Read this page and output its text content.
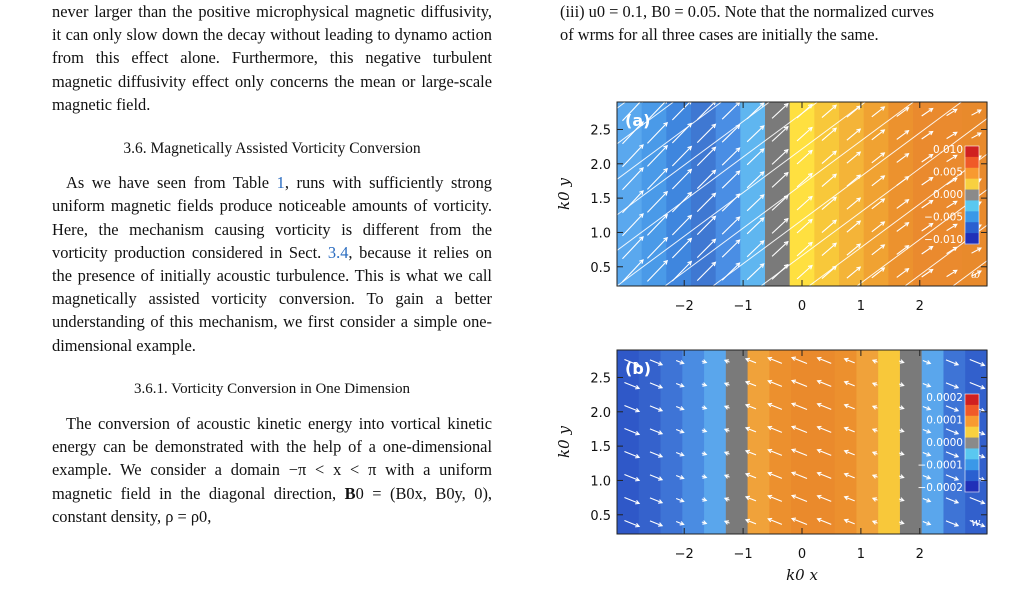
never larger than the positive microphysical magnetic diffusivity, it can only slow down the decay without leading to dynamo action from this effect alone. Furthermore, this negative turbulent magnetic diffusivity effect only concerns the mean or large-scale magnetic field.

3.6. Magnetically Assisted Vorticity Conversion

As we have seen from Table 1, runs with sufficiently strong uniform magnetic fields produce noticeable amounts of vorticity. Here, the mechanism causing vorticity is different from the vorticity production considered in Sect. 3.4, because it relies on the presence of initially acoustic turbulence. This is what we call magnetically assisted vorticity conversion. To gain a better understanding of this mechanism, we first consider a simple one-dimensional example.

3.6.1. Vorticity Conversion in One Dimension

The conversion of acoustic kinetic energy into vortical kinetic energy can be demonstrated with the help of a one-dimensional example. We consider a domain −π < x < π with a uniform magnetic field in the diagonal direction, B0 = (B0x, B0y, 0), constant density, ρ = ρ0,

(iii) u0 = 0.1, B0 = 0.05. Note that the normalized curves

of wrms for all three cases are initially the same.

(a)
0.5
1.0
1.5
2.0
2.5
−2	−1	0	1	2
k0 y
0.010
0.005
0.000
−0.005
−0.010
ω
(b)
0.5
1.0
1.5
2.0
2.5
−2	−1	0	1	2
k0 y
0.0002
0.0001
0.0000
−0.0001
−0.0002
w
k0 x
